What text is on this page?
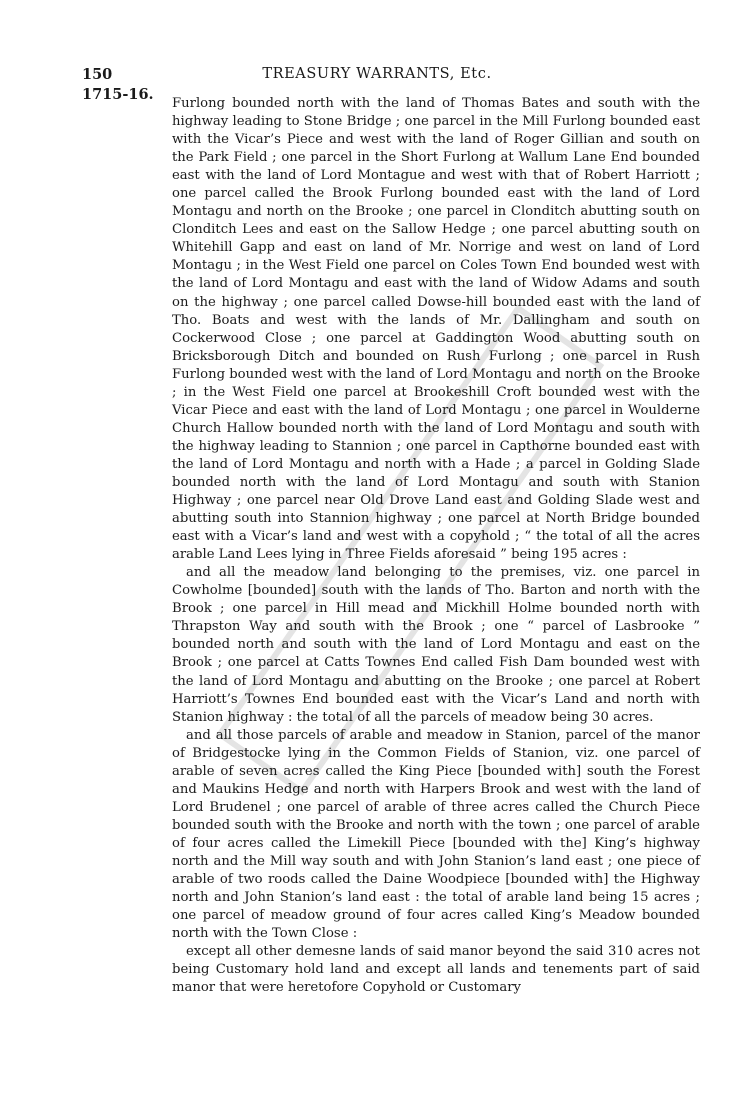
150
1715-16.
TREASURY WARRANTS, Etc.

Furlong bounded north with the land of Thomas Bates and south with the highway leading to Stone Bridge ; one parcel in the Mill Furlong bounded east with the Vicar’s Piece and west with the land of Roger Gillian and south on the Park Field ; one parcel in the Short Furlong at Wallum Lane End bounded east with the land of Lord Montague and west with that of Robert Harriott ; one parcel called the Brook Furlong bounded east with the land of Lord Montagu and north on the Brooke ; one parcel in Clonditch abutting south on Clonditch Lees and east on the Sallow Hedge ; one parcel abutting south on Whitehill Gapp and east on land of Mr. Norrige and west on land of Lord Montagu ; in the West Field one parcel on Coles Town End bounded west with the land of Lord Montagu and east with the land of Widow Adams and south on the highway ; one parcel called Dowse-hill bounded east with the land of Tho. Boats and west with the lands of Mr. Dallingham and south on Cockerwood Close ; one parcel at Gaddington Wood abutting south on Bricksborough Ditch and bounded on Rush Furlong ; one parcel in Rush Furlong bounded west with the land of Lord Montagu and north on the Brooke ; in the West Field one parcel at Brookeshill Croft bounded west with the Vicar Piece and east with the land of Lord Montagu ; one parcel in Woulderne Church Hallow bounded north with the land of Lord Montagu and south with the highway leading to Stannion ; one parcel in Capthorne bounded east with the land of Lord Montagu and north with a Hade ; a parcel in Golding Slade bounded north with the land of Lord Montagu and south with Stanion Highway ; one parcel near Old Drove Land east and Golding Slade west and abutting south into Stannion highway ; one parcel at North Bridge bounded east with a Vicar’s land and west with a copyhold ; “ the total of all the acres arable Land Lees lying in Three Fields aforesaid ” being 195 acres :

and all the meadow land belonging to the premises, viz. one parcel in Cowholme [bounded] south with the lands of Tho. Barton and north with the Brook ; one parcel in Hill mead and Mickhill Holme bounded north with Thrapston Way and south with the Brook ; one “ parcel of Lasbrooke ” bounded north and south with the land of Lord Montagu and east on the Brook ; one parcel at Catts Townes End called Fish Dam bounded west with the land of Lord Montagu and abutting on the Brooke ; one parcel at Robert Harriott’s Townes End bounded east with the Vicar’s Land and north with Stanion highway : the total of all the parcels of meadow being 30 acres.

and all those parcels of arable and meadow in Stanion, parcel of the manor of Bridgestocke lying in the Common Fields of Stanion, viz. one parcel of arable of seven acres called the King Piece [bounded with] south the Forest and Maukins Hedge and north with Harpers Brook and west with the land of Lord Brudenel ; one parcel of arable of three acres called the Church Piece bounded south with the Brooke and north with the town ; one parcel of arable of four acres called the Limekill Piece [bounded with the] King’s highway north and the Mill way south and with John Stanion’s land east ; one piece of arable of two roods called the Daine Woodpiece [bounded with] the Highway north and John Stanion’s land east : the total of arable land being 15 acres ; one parcel of meadow ground of four acres called King’s Meadow bounded north with the Town Close :

except all other demesne lands of said manor beyond the said 310 acres not being Customary hold land and except all lands and tenements part of said manor that were heretofore Copyhold or Customary
